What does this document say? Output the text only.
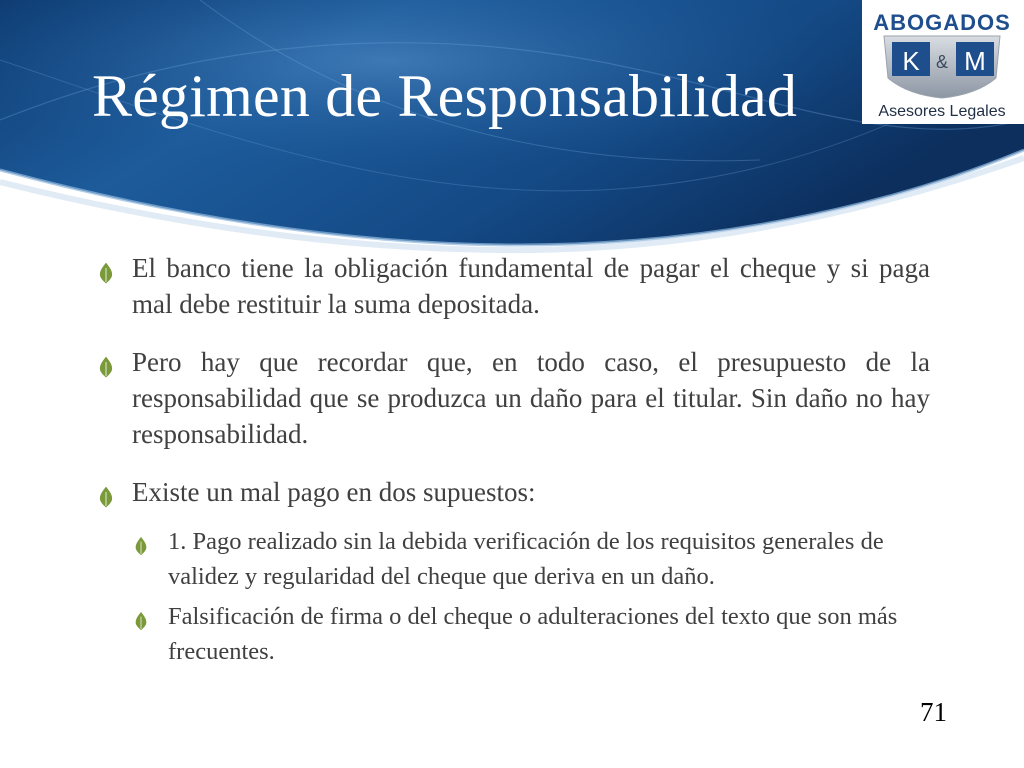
Régimen de Responsabilidad
ABOGADOS
K & M
Asesores Legales
El banco tiene la obligación fundamental de pagar el cheque y si paga mal debe restituir la suma depositada.
Pero hay que recordar que, en todo caso, el presupuesto de la responsabilidad que se produzca un daño para el titular. Sin daño no hay responsabilidad.
Existe un mal pago en dos supuestos:
1. Pago realizado sin la debida verificación de los requisitos generales de validez y regularidad del cheque que deriva en un daño.
Falsificación de firma o del cheque o adulteraciones del texto que son más frecuentes.
71
